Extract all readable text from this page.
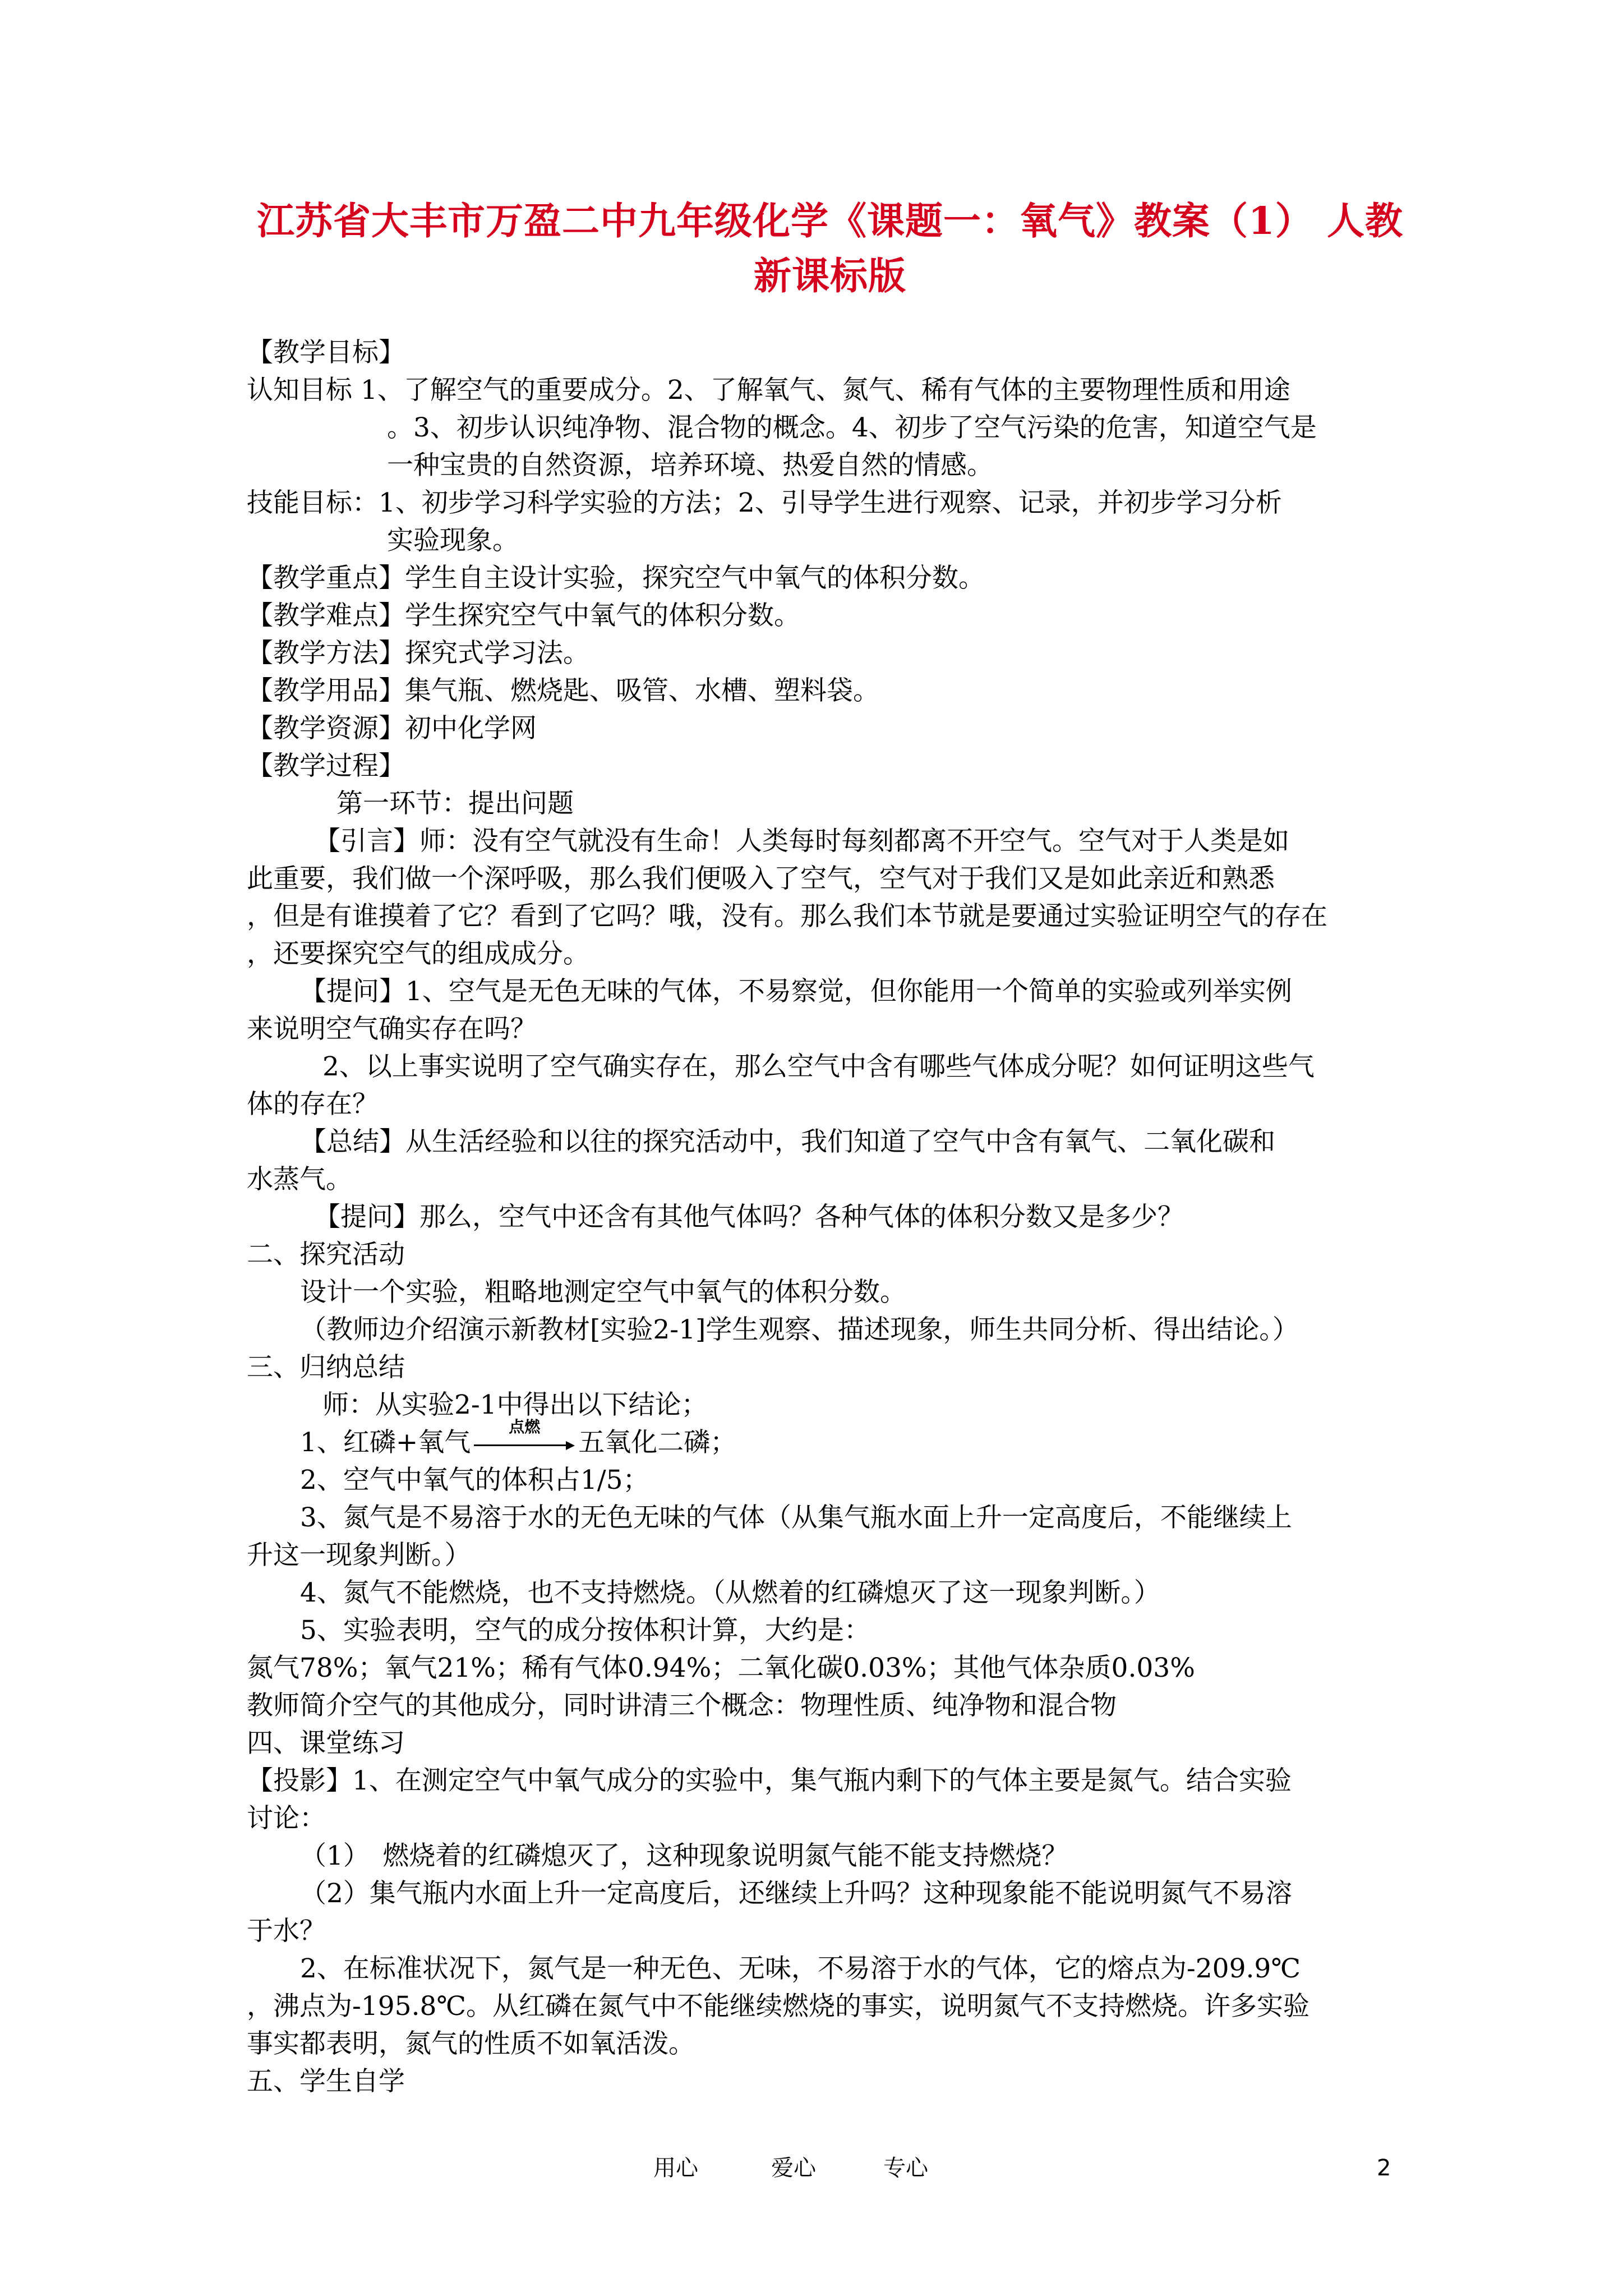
江苏省大丰市万盈二中九年级化学《课题一：氧气》教案（1） 人教
新课标版
【教学目标】
认知目标 1、了解空气的重要成分。2、了解氧气、氮气、稀有气体的主要物理性质和用途
。3、初步认识纯净物、混合物的概念。4、初步了空气污染的危害，知道空气是
一种宝贵的自然资源，培养环境、热爱自然的情感。
技能目标：1、初步学习科学实验的方法；2、引导学生进行观察、记录，并初步学习分析
实验现象。
【教学重点】学生自主设计实验，探究空气中氧气的体积分数。
【教学难点】学生探究空气中氧气的体积分数。
【教学方法】探究式学习法。
【教学用品】集气瓶、燃烧匙、吸管、水槽、塑料袋。
【教学资源】初中化学网
【教学过程】
第一环节：提出问题
【引言】师：没有空气就没有生命！人类每时每刻都离不开空气。空气对于人类是如
此重要，我们做一个深呼吸，那么我们便吸入了空气，空气对于我们又是如此亲近和熟悉
，但是有谁摸着了它？看到了它吗？哦，没有。那么我们本节就是要通过实验证明空气的存在
，还要探究空气的组成成分。
【提问】1、空气是无色无味的气体，不易察觉，但你能用一个简单的实验或列举实例
来说明空气确实存在吗？
2、以上事实说明了空气确实存在，那么空气中含有哪些气体成分呢？如何证明这些气
体的存在？
【总结】从生活经验和以往的探究活动中，我们知道了空气中含有氧气、二氧化碳和
水蒸气。
【提问】那么，空气中还含有其他气体吗？各种气体的体积分数又是多少？
二、探究活动
设计一个实验，粗略地测定空气中氧气的体积分数。
（教师边介绍演示新教材[实验2-1]学生观察、描述现象，师生共同分析、得出结论。）
三、归纳总结
师：从实验2-1中得出以下结论；
1、红磷+氧气
点燃
五氧化二磷；
2、空气中氧气的体积占1/5；
3、氮气是不易溶于水的无色无味的气体（从集气瓶水面上升一定高度后，不能继续上
升这一现象判断。）
4、氮气不能燃烧，也不支持燃烧。（从燃着的红磷熄灭了这一现象判断。）
5、实验表明，空气的成分按体积计算，大约是：
氮气78%；氧气21%；稀有气体0.94%；二氧化碳0.03%；其他气体杂质0.03%
教师简介空气的其他成分，同时讲清三个概念：物理性质、纯净物和混合物
四、课堂练习
【投影】1、在测定空气中氧气成分的实验中，集气瓶内剩下的气体主要是氮气。结合实验
讨论：
（1）　燃烧着的红磷熄灭了，这种现象说明氮气能不能支持燃烧？
（2）集气瓶内水面上升一定高度后，还继续上升吗？这种现象能不能说明氮气不易溶
于水？
2、在标准状况下，氮气是一种无色、无味，不易溶于水的气体，它的熔点为-209.9℃
，沸点为-195.8℃。从红磷在氮气中不能继续燃烧的事实，说明氮气不支持燃烧。许多实验
事实都表明，氮气的性质不如氧活泼。
五、学生自学
用心	爱心	专心	2
